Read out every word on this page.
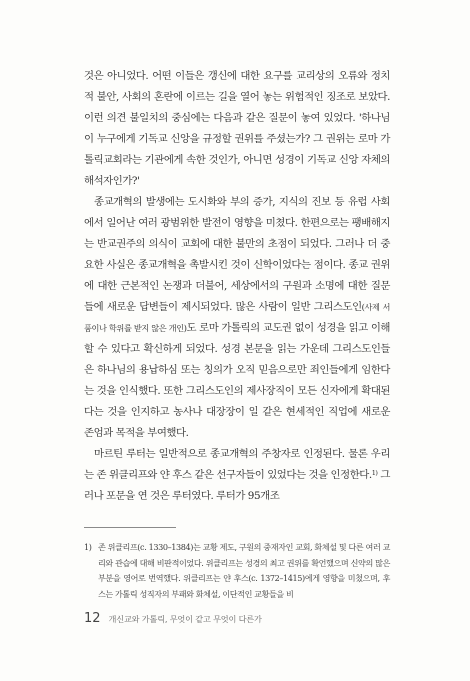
것은 아니었다. 어떤 이들은 갱신에 대한 요구를 교리상의 오류와 정치적 불안, 사회의 혼란에 이르는 길을 열어 놓는 위험적인 징조로 보았다. 이런 의견 불일치의 중심에는 다음과 같은 질문이 놓여 있었다. '하나님이 누구에게 기독교 신앙을 규정할 권위를 주셨는가? 그 권위는 로마 가톨릭교회라는 기관에게 속한 것인가, 아니면 성경이 기독교 신앙 자체의 해석자인가?'

종교개혁의 발생에는 도시화와 부의 증가, 지식의 진보 등 유럽 사회에서 일어난 여러 광범위한 발전이 영향을 미쳤다. 한편으로는 팽배해지는 반교권주의 의식이 교회에 대한 불만의 초점이 되었다. 그러나 더 중요한 사실은 종교개혁을 촉발시킨 것이 신학이었다는 점이다. 종교 권위에 대한 근본적인 논쟁과 더불어, 세상에서의 구원과 소명에 대한 질문들에 새로운 답변들이 제시되었다. 많은 사람이 일반 그리스도인(사제 서품이나 학위를 받지 않은 개인)도 로마 가톨릭의 교도권 없이 성경을 읽고 이해할 수 있다고 확신하게 되었다. 성경 본문을 읽는 가운데 그리스도인들은 하나님의 용납하심 또는 칭의가 오직 믿음으로만 죄인들에게 임한다는 것을 인식했다. 또한 그리스도인의 제사장직이 모든 신자에게 확대된다는 것을 인지하고 농사나 대장장이 일 같은 현세적인 직업에 새로운 존엄과 목적을 부여했다.

마르틴 루터는 일반적으로 종교개혁의 주창자로 인정된다. 물론 우리는 존 위클리프와 얀 후스 같은 선구자들이 있었다는 것을 인정한다.$^{1)}$ 그러나 포문을 연 것은 루터였다. 루터가 95개조

1) 존 위클리프(c. 1330–1384)는 교황 제도, 구원의 중재자인 교회, 화체설 및 다른 여러 교리와 관습에 대해 비판적이었다. 위클리프는 성경의 최고 권위를 확언했으며 신약의 많은 부분을 영어로 번역했다. 위클리프는 얀 후스(c. 1372–1415)에게 영향을 미쳤으며, 후스는 가톨릭 성직자의 부패와 화체설, 이단적인 교황들을 비
12 개신교와 가톨릭, 무엇이 같고 무엇이 다른가
